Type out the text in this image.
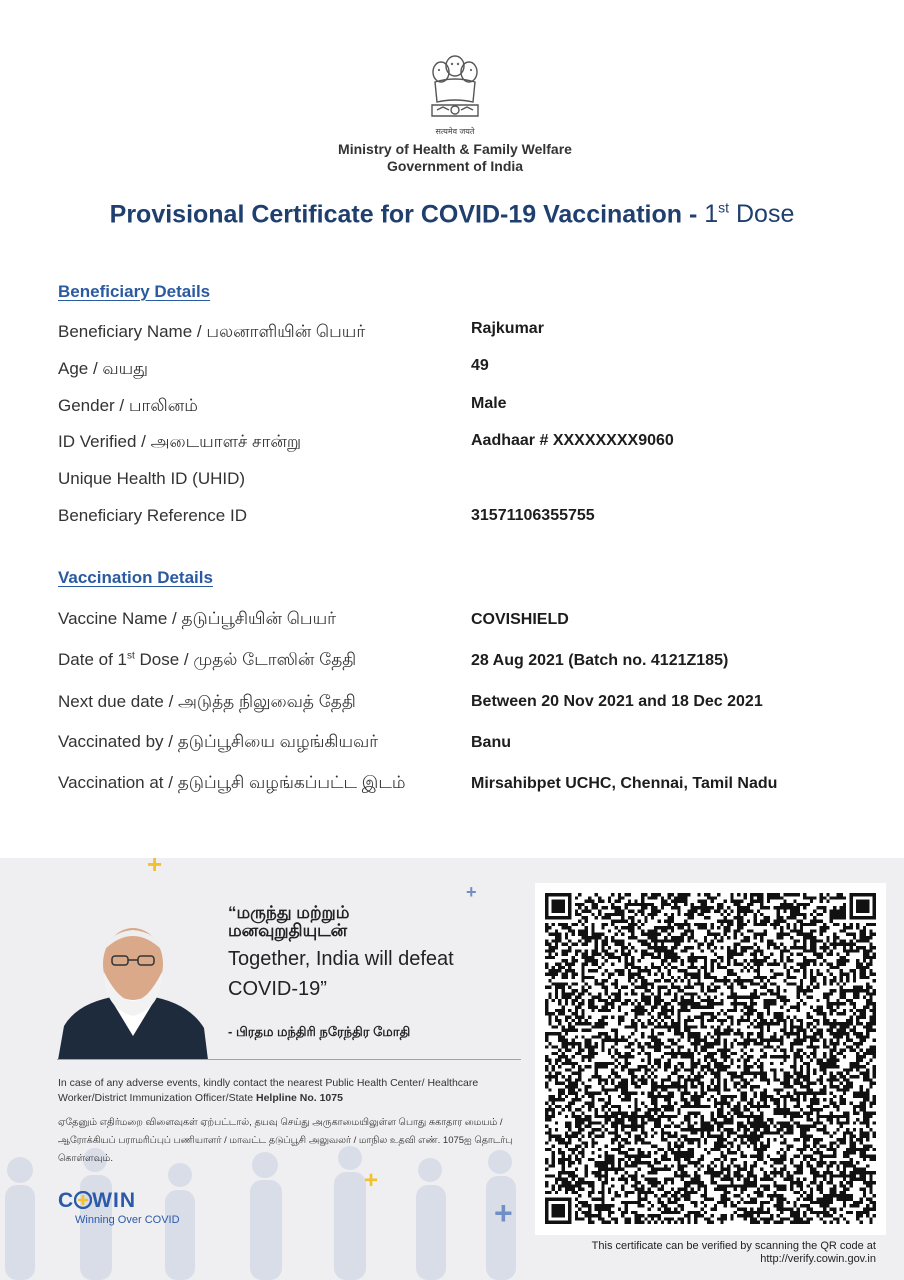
सत्यमेव जयते
Ministry of Health & Family Welfare
Government of India
Provisional Certificate for COVID-19 Vaccination - 1st Dose
Beneficiary Details
Beneficiary Name / பலனாளியின் பெயர்	Rajkumar
Age / வயது	49
Gender / பாலினம்	Male
ID Verified / அடையாளச் சான்று	Aadhaar # XXXXXXXX9060
Unique Health ID (UHID)
Beneficiary Reference ID	31571106355755
Vaccination Details
Vaccine Name / தடுப்பூசியின் பெயர்	COVISHIELD
Date of 1st Dose / முதல் டோஸின் தேதி	28 Aug 2021 (Batch no. 4121Z185)
Next due date / அடுத்த நிலுவைத் தேதி	Between 20 Nov 2021 and 18 Dec 2021
Vaccinated by / தடுப்பூசியை வழங்கியவர்	Banu
Vaccination at / தடுப்பூசி வழங்கப்பட்ட இடம்	Mirsahibpet UCHC, Chennai, Tamil Nadu
+
+
+
+
“மருந்து மற்றும்
மனவுறுதியுடன்
Together, India will defeat
COVID-19”
- பிரதம மந்திரி நரேந்திர மோதி
In case of any adverse events, kindly contact the nearest Public Health Center/ Healthcare Worker/District Immunization Officer/State Helpline No. 1075
ஏதேனும் எதிர்மறை விளைவுகள் ஏற்பட்டால், தயவு செய்து அருகாமையிலுள்ள பொது சுகாதார மையம் / ஆரோக்கியப் பராமரிப்புப் பணியாளர் / மாவட்ட தடுப்பூசி அலுவலர் / மாநில உதவி எண். 1075ஐ தொடர்பு கொள்ளவும்.
C WIN
Winning Over COVID
This certificate can be verified by scanning the QR code at
http://verify.cowin.gov.in
